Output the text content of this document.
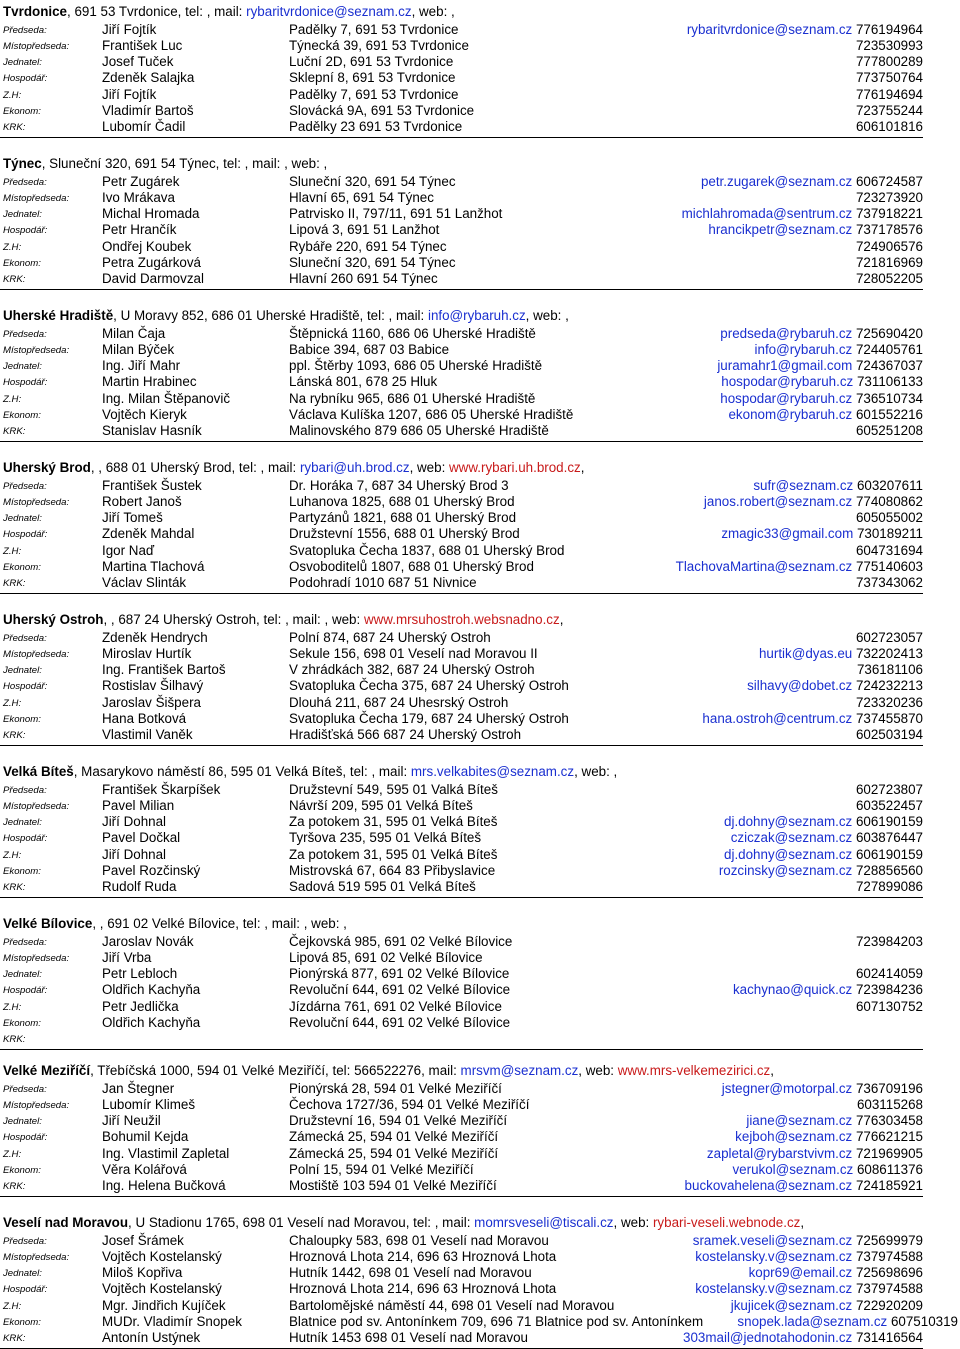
Tvrdonice, 691 53 Tvrdonice, tel: , mail: rybaritvrdonice@seznam.cz, web: ,
Předseda:	Jiří Fojtík	Padělky 7, 691 53 Tvrdonice	rybaritvrdonice@seznam.cz 776194964
Místopředseda: František Luc	Týnecká 39, 691 53 Tvrdonice	723530993
Jednatel:	Josef Tuček	Luční 2D, 691 53 Tvrdonice	777800289
Hospodář:	Zdeněk Salajka	Sklepní 8, 691 53 Tvrdonice	773750764
Z.H:	Jiří Fojtík	Padělky 7, 691 53 Tvrdonice	776194694
Ekonom:	Vladimír Bartoš	Slovácká 9A, 691 53 Tvrdonice	723755244
KRK:	Lubomír Čadil	Padělky 23 691 53 Tvrdonice	606101816
Týnec, Sluneční 320, 691 54 Týnec, tel: , mail: , web: ,
Předseda:	Petr Zugárek	Sluneční 320, 691 54 Týnec	petr.zugarek@seznam.cz 606724587
Místopředseda: Ivo Mrákava	Hlavní 65, 691 54 Týnec	723273920
Jednatel:	Michal Hromada	Patrvisko II, 797/11, 691 51 Lanžhot	michlahromada@sentrum.cz 737918221
Hospodář:	Petr Hrančík	Lipová 3, 691 51 Lanžhot	hrancikpetr@seznam.cz 737178576
Z.H:	Ondřej Koubek	Rybáře 220, 691 54 Týnec	724906576
Ekonom:	Petra Zugárková	Sluneční 320, 691 54 Týnec	721816969
KRK:	David Darmovzal	Hlavní 260 691 54 Týnec	728052205
Uherské Hradiště, U Moravy 852, 686 01 Uherské Hradiště, tel: , mail: info@rybaruh.cz, web: ,
Předseda:	Milan Čaja	Štěpnická 1160, 686 06 Uherské Hradiště	predseda@rybaruh.cz 725690420
Místopředseda: Milan Býček	Babice 394, 687 03 Babice	info@rybaruh.cz 724405761
Jednatel:	Ing. Jiří Mahr	ppl. Štěrby 1093, 686 05 Uherské Hradiště	juramahr1@gmail.com 724367037
Hospodář:	Martin Hrabinec	Lánská 801, 678 25 Hluk	hospodar@rybaruh.cz 731106133
Z.H:	Ing. Milan Štěpanovič	Na rybníku 965, 686 01 Uherské Hradiště	hospodar@rybaruh.cz 736510734
Ekonom:	Vojtěch Kieryk	Václava Kulíška 1207, 686 05 Uherské Hradiště	ekonom@rybaruh.cz 601552216
KRK:	Stanislav Hasník	Malinovského 879 686 05 Uherské Hradiště	605251208
Uherský Brod, , 688 01 Uherský Brod, tel: , mail: rybari@uh.brod.cz, web: www.rybari.uh.brod.cz,
Předseda:	František Šustek	Dr. Horáka 7, 687 34 Uherský Brod 3	sufr@seznam.cz 603207611
Místopředseda: Robert Janoš	Luhanova 1825, 688 01 Uherský Brod	janos.robert@seznam.cz 774080862
Jednatel:	Jiří Tomeš	Partyzánů 1821, 688 01 Uherský Brod	605055002
Hospodář:	Zdeněk Mahdal	Družstevní 1556, 688 01 Uherský Brod	zmagic33@gmail.com 730189211
Z.H:	Igor Naď	Svatopluka Čecha 1837, 688 01 Uherský Brod	604731694
Ekonom:	Martina Tlachová	Osvoboditelů 1807, 688 01 Uherský Brod	TlachovaMartina@seznam.cz 775140603
KRK:	Václav Slinták	Podohradí 1010 687 51 Nivnice	737343062
Uherský Ostroh, , 687 24 Uherský Ostroh, tel: , mail: , web: www.mrsuhostroh.websnadno.cz,
Předseda:	Zdeněk Hendrych	Polní 874, 687 24 Uherský Ostroh	602723057
Místopředseda: Miroslav Hurtík	Sekule 156, 698 01 Veselí nad Moravou II	hurtik@dyas.eu 732202413
Jednatel:	Ing. František Bartoš	V zhrádkách 382, 687 24 Uherský Ostroh	736181106
Hospodář:	Rostislav Šilhavý	Svatopluka Čecha 375, 687 24 Uherský Ostroh	silhavy@dobet.cz 724232213
Z.H:	Jaroslav Šišpera	Dlouhá 211, 687 24 Uhesrský Ostroh	723320236
Ekonom:	Hana Botková	Svatopluka Čecha 179, 687 24 Uherský Ostroh	hana.ostroh@centrum.cz 737455870
KRK:	Vlastimil Vaněk	Hradišťská 566 687 24 Uherský Ostroh	602503194
Velká Bíteš, Masarykovo náměstí 86, 595 01 Velká Bíteš, tel: , mail: mrs.velkabites@seznam.cz, web: ,
Předseda:	František Škarpíšek	Družstevní 549, 595 01 Valká Bíteš	602723807
Místopředseda: Pavel Milian	Návrší 209, 595 01 Velká Bíteš	603522457
Jednatel:	Jiří Dohnal	Za potokem 31, 595 01 Velká Bíteš	dj.dohny@seznam.cz 606190159
Hospodář:	Pavel Dočkal	Tyršova 235, 595 01 Velká Bíteš	cziczak@seznam.cz 603876447
Z.H:	Jiří Dohnal	Za potokem 31, 595 01 Velká Bíteš	dj.dohny@seznam.cz 606190159
Ekonom:	Pavel Rozčinský	Mistrovská 67, 664 83 Přibyslavice	rozcinsky@seznam.cz 728856560
KRK:	Rudolf Ruda	Sadová 519 595 01 Velká Bíteš	727899086
Velké Bílovice, , 691 02 Velké Bílovice, tel: , mail: , web: ,
Předseda:	Jaroslav Novák	Čejkovská 985, 691 02 Velké Bílovice	723984203
Místopředseda: Jiří Vrba	Lipová 85, 691 02 Velké Bílovice
Jednatel:	Petr Lebloch	Pionýrská 877, 691 02 Velké Bílovice	602414059
Hospodář:	Oldřich Kachyňa	Revoluční 644, 691 02 Velké Bílovice	kachynao@quick.cz 723984236
Z.H:	Petr Jedlička	Jízdárna 761, 691 02 Velké Bílovice	607130752
Ekonom:	Oldřich Kachyňa	Revoluční 644, 691 02 Velké Bílovice
KRK:
Velké Meziříčí, Třebíčská 1000, 594 01 Velké Meziříčí, tel: 566522276, mail: mrsvm@seznam.cz, web: www.mrs-velkemezirici.cz,
Předseda:	Jan Štegner	Pionýrská 28, 594 01 Velké Meziříčí	jstegner@motorpal.cz 736709196
Místopředseda: Lubomír Klimeš	Čechova 1727/36, 594 01 Velké Meziříčí	603115268
Jednatel:	Jiří Neužil	Družstevní 16, 594 01 Velké Meziříčí	jiane@seznam.cz 776303458
Hospodář:	Bohumil Kejda	Zámecká 25, 594 01 Velké Meziříčí	kejboh@seznam.cz 776621215
Z.H:	Ing. Vlastimil Zapletal	Zámecká 25, 594 01 Velké Meziříčí	zapletal@rybarstvivm.cz 721969905
Ekonom:	Věra Kolářová	Polní 15, 594 01 Velké Meziříčí	verukol@seznam.cz 608611376
KRK:	Ing. Helena Bučková	Mostiště 103 594 01 Velké Meziříčí	buckovahelena@seznam.cz 724185921
Veselí nad Moravou, U Stadionu 1765, 698 01 Veselí nad Moravou, tel: , mail: momrsveseli@tiscali.cz, web: rybari-veseli.webnode.cz,
Předseda:	Josef Šrámek	Chaloupky 583, 698 01 Veselí nad Moravou	sramek.veseli@seznam.cz 725699979
Místopředseda: Vojtěch Kostelanský	Hroznová Lhota 214, 696 63 Hroznová Lhota	kostelansky.v@seznam.cz 737974588
Jednatel:	Miloš Kopřiva	Hutník 1442, 698 01 Veselí nad Moravou	kopr69@email.cz 725698696
Hospodář:	Vojtěch Kostelanský	Hroznová Lhota 214, 696 63 Hroznová Lhota	kostelansky.v@seznam.cz 737974588
Z.H:	Mgr. Jindřich Kujíček	Bartolomějské náměstí 44, 698 01 Veselí nad Moravou	jkujicek@seznam.cz 722920209
Ekonom:	MUDr. Vladimír Snopek	Blatnice pod sv. Antonínkem 709, 696 71 Blatnice pod sv. Antonínkem	snopek.lada@seznam.cz 607510319
KRK:	Antonín Ustýnek	Hutník 1453 698 01 Veselí nad Moravou	303mail@jednotahodonin.cz 731416564
